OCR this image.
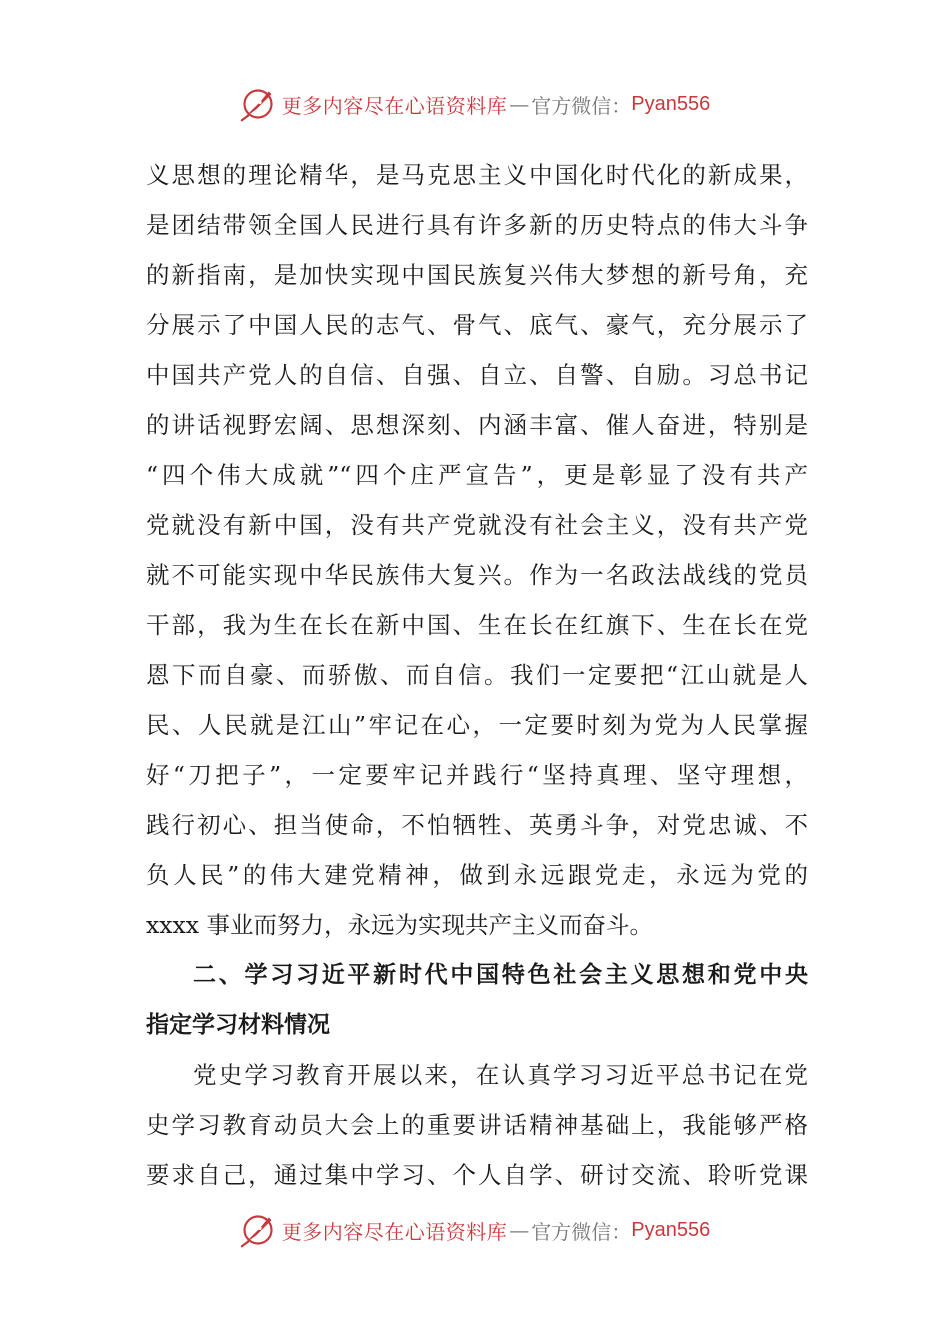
更多内容尽在心语资料库 — 官方微信： Pyan556
义思想的理论精华，是马克思主义中国化时代化的新成果，
是团结带领全国人民进行具有许多新的历史特点的伟大斗争
的新指南，是加快实现中国民族复兴伟大梦想的新号角，充
分展示了中国人民的志气、骨气、底气、豪气，充分展示了
中国共产党人的自信、自强、自立、自警、自励。习总书记
的讲话视野宏阔、思想深刻、内涵丰富、催人奋进，特别是
“四个伟大成就”“四个庄严宣告”，更是彰显了没有共产
党就没有新中国，没有共产党就没有社会主义，没有共产党
就不可能实现中华民族伟大复兴。作为一名政法战线的党员
干部，我为生在长在新中国、生在长在红旗下、生在长在党
恩下而自豪、而骄傲、而自信。我们一定要把“江山就是人
民、人民就是江山”牢记在心，一定要时刻为党为人民掌握
好“刀把子”，一定要牢记并践行“坚持真理、坚守理想，
践行初心、担当使命，不怕牺牲、英勇斗争，对党忠诚、不
负人民”的伟大建党精神，做到永远跟党走，永远为党的
xxxx 事业而努力，永远为实现共产主义而奋斗。
二、学习习近平新时代中国特色社会主义思想和党中央
指定学习材料情况
党史学习教育开展以来，在认真学习习近平总书记在党
史学习教育动员大会上的重要讲话精神基础上，我能够严格
要求自己，通过集中学习、个人自学、研讨交流、聆听党课
更多内容尽在心语资料库 — 官方微信： Pyan556
